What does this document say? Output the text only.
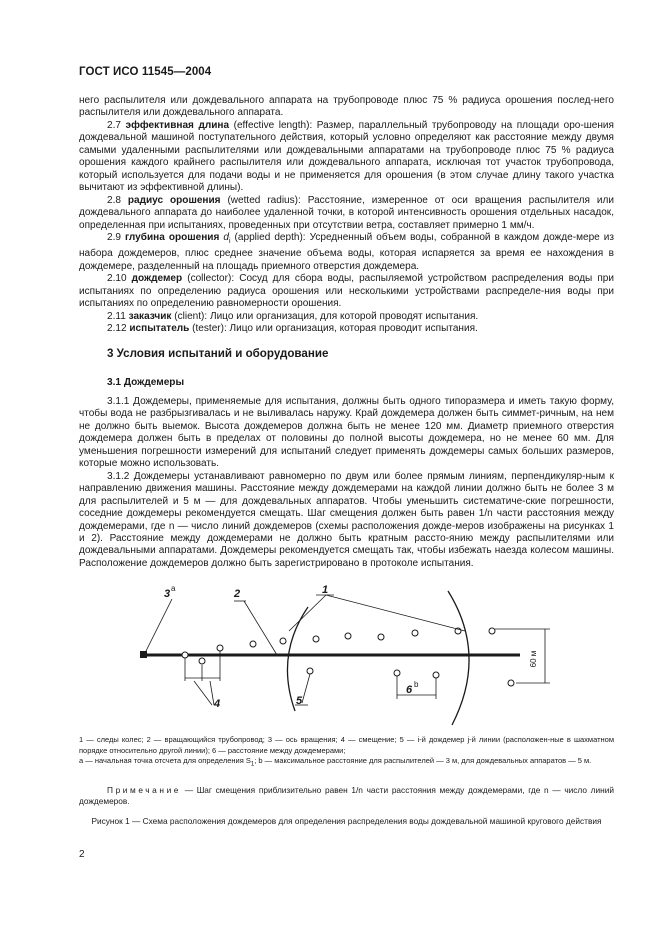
ГОСТ ИСО 11545—2004

него распылителя или дождевального аппарата на трубопроводе плюс 75 % радиуса орошения послед-него распылителя или дождевального аппарата.

2.7 эффективная длина (effective length): Размер, параллельный трубопроводу на площади оро-шения дождевальной машиной поступательного действия, который условно определяют как расстояние между двумя самыми удаленными распылителями или дождевальными аппаратами на трубопроводе плюс 75 % радиуса орошения каждого крайнего распылителя или дождевального аппарата, исключая тот участок трубопровода, который используется для подачи воды и не применяется для орошения (в этом случае длину такого участка вычитают из эффективной длины).

2.8 радиус орошения (wetted radius): Расстояние, измеренное от оси вращения распылителя или дождевального аппарата до наиболее удаленной точки, в которой интенсивность орошения отдельных насадок, определенная при испытаниях, проведенных при отсутствии ветра, составляет примерно 1 мм/ч.

2.9 глубина орошения $d_i$ (applied depth): Усредненный объем воды, собранной в каждом дожде-мере из набора дождемеров, плюс среднее значение объема воды, которая испаряется за время ее нахождения в дождемере, разделенный на площадь приемного отверстия дождемера.

2.10 дождемер (collector): Сосуд для сбора воды, распыляемой устройством распределения воды при испытаниях по определению радиуса орошения или несколькими устройствами распределе-ния воды при испытаниях по определению равномерности орошения.

2.11 заказчик (client): Лицо или организация, для которой проводят испытания.

2.12 испытатель (tester): Лицо или организация, которая проводит испытания.

3 Условия испытаний и оборудование
3.1 Дождемеры

3.1.1 Дождемеры, применяемые для испытания, должны быть одного типоразмера и иметь такую форму, чтобы вода не разбрызгивалась и не выливалась наружу. Край дождемера должен быть симмет-ричным, на нем не должно быть выемок. Высота дождемеров должна быть не менее 120 мм. Диаметр приемного отверстия дождемера должен быть в пределах от половины до полной высоты дождемера, но не менее 60 мм. Для уменьшения погрешности измерений для испытаний следует применять дождемеры самых больших размеров, которые можно использовать.

3.1.2 Дождемеры устанавливают равномерно по двум или более прямым линиям, перпендикуляр-ным к направлению движения машины. Расстояние между дождемерами на каждой линии должно быть не более 3 м для распылителей и 5 м — для дождевальных аппаратов. Чтобы уменьшить систематиче-ские погрешности, соседние дождемеры рекомендуется смещать. Шаг смещения должен быть равен 1/n части расстояния между дождемерами, где n — число линий дождемеров (схемы расположения дожде-меров изображены на рисунках 1 и 2). Расстояние между дождемерами не должно быть кратным рассто-янию между распылителями или дождевальными аппаратами. Дождемеры рекомендуется смещать так, чтобы избежать наезда колесом машины. Расположение дождемеров должно быть зарегистрировано в протоколе испытания.

60 м
4
6 b
3 a	2	1
5

1 — следы колес; 2 — вращающийся трубопровод; 3 — ось вращения; 4 — смещение; 5 — i-й дождемер j-й линии (расположен-ные в шахматном порядке относительно другой линии); 6 — расстояние между дождемерами;

a — начальная точка отсчета для определения $S_1$; b — максимальное расстояние для распылителей — 3 м, для дождевальных аппаратов — 5 м.

Примечание — Шаг смещения приблизительно равен 1/n части расстояния между дождемерами, где n — число линий дождемеров.

Рисунок 1 — Схема расположения дождемеров для определения распределения воды дождевальной машиной кругового действия
2
